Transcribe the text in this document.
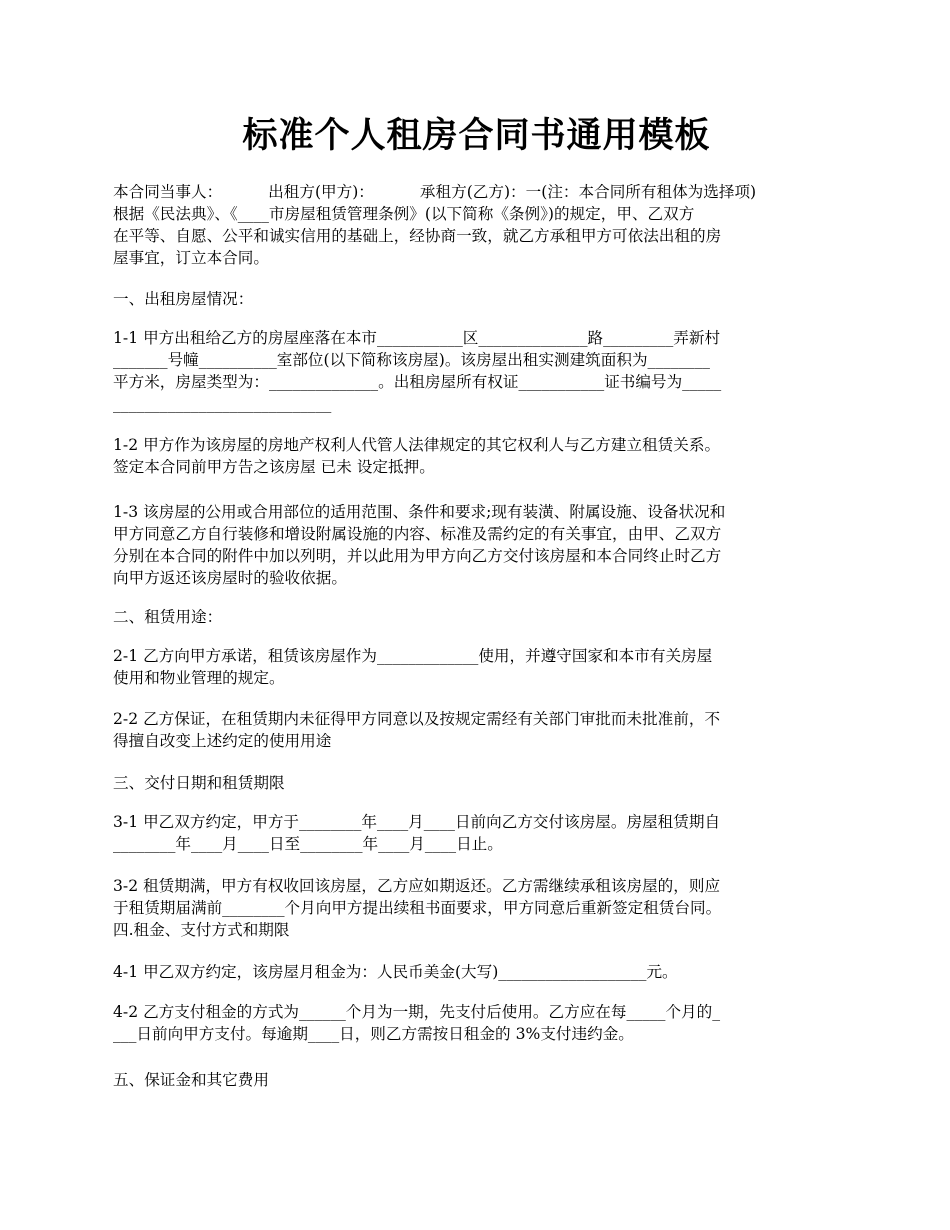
标准个人租房合同书通用模板
本合同当事人：	出租方(甲方)：	承租方(乙方)：一(注：本合同所有租体为选择项)
根据《民法典》、《____市房屋租赁管理条例》(以下简称《条例》)的规定，甲、乙双方
在平等、自愿、公平和诚实信用的基础上，经协商一致，就乙方承租甲方可依法出租的房
屋事宜，订立本合同。
一、出租房屋情况：
1-1 甲方出租给乙方的房屋座落在本市___________区______________路_________弄新村
_______号幢__________室部位(以下简称该房屋)。该房屋出租实测建筑面积为________
平方米，房屋类型为：______________。出租房屋所有权证___________证书编号为_____
____________________________
1-2 甲方作为该房屋的房地产权利人代管人法律规定的其它权利人与乙方建立租赁关系。
签定本合同前甲方告之该房屋 已未 设定抵押。
1-3 该房屋的公用或合用部位的适用范围、条件和要求;现有装潢、附属设施、设备状况和
甲方同意乙方自行装修和增设附属设施的内容、标准及需约定的有关事宜，由甲、乙双方
分别在本合同的附件中加以列明，并以此用为甲方向乙方交付该房屋和本合同终止时乙方
向甲方返还该房屋时的验收依据。
二、租赁用途：
2-1 乙方向甲方承诺，租赁该房屋作为_____________使用，并遵守国家和本市有关房屋
使用和物业管理的规定。
2-2 乙方保证，在租赁期内未征得甲方同意以及按规定需经有关部门审批而未批准前，不
得擅自改变上述约定的使用用途
三、交付日期和租赁期限
3-1 甲乙双方约定，甲方于________年____月____日前向乙方交付该房屋。房屋租赁期自
________年____月____日至________年____月____日止。
3-2 租赁期满，甲方有权收回该房屋，乙方应如期返还。乙方需继续承租该房屋的，则应
于租赁期届满前________个月向甲方提出续租书面要求，甲方同意后重新签定租赁台同。
四.租金、支付方式和期限
4-1 甲乙双方约定，该房屋月租金为：人民币美金(大写)___________________元。
4-2 乙方支付租金的方式为______个月为一期，先支付后使用。乙方应在每_____个月的_
___日前向甲方支付。每逾期____日，则乙方需按日租金的 3%支付违约金。
五、保证金和其它费用
